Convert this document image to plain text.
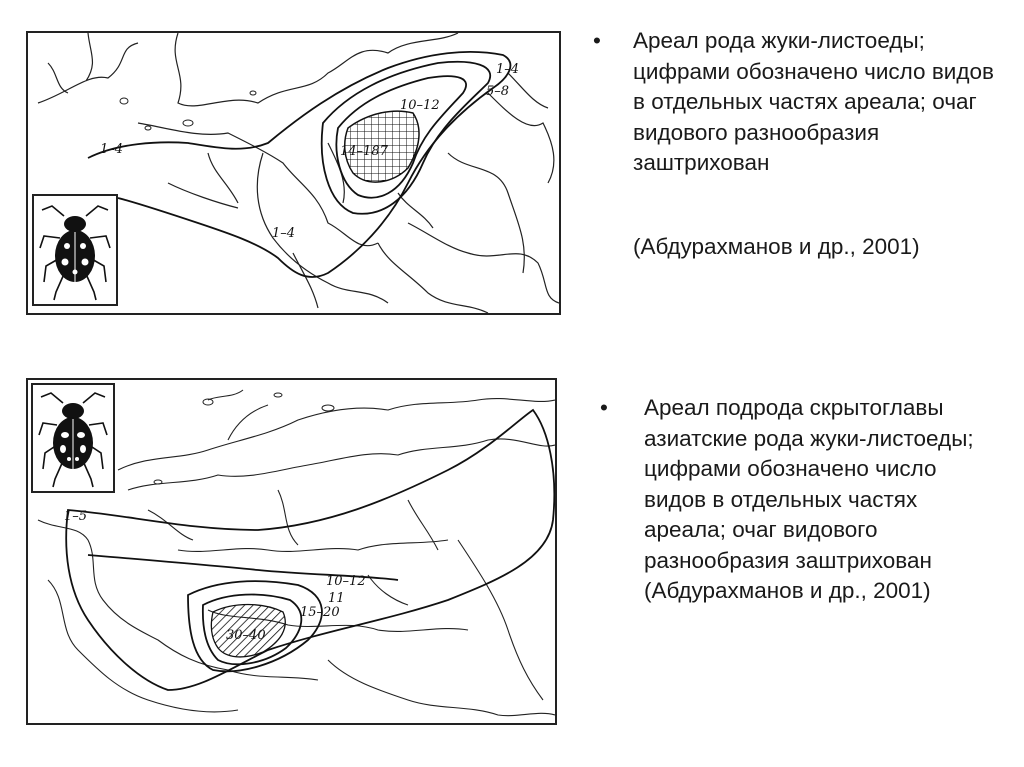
1–4
5–8
10–12
14–187
1–4
1–4
• Ареал рода жуки-листоеды; цифрами обозначено число видов в отдельных частях ареала; очаг видового разнообразия заштрихован
(Абдурахманов и др., 2001)
1–5
10–12
11
15–20
30–40
• Ареал подрода скрытоглавы азиатские рода жуки-листоеды; цифрами обозначено число видов в отдельных частях ареала; очаг видового разнообразия заштрихован (Абдурахманов и др., 2001)
